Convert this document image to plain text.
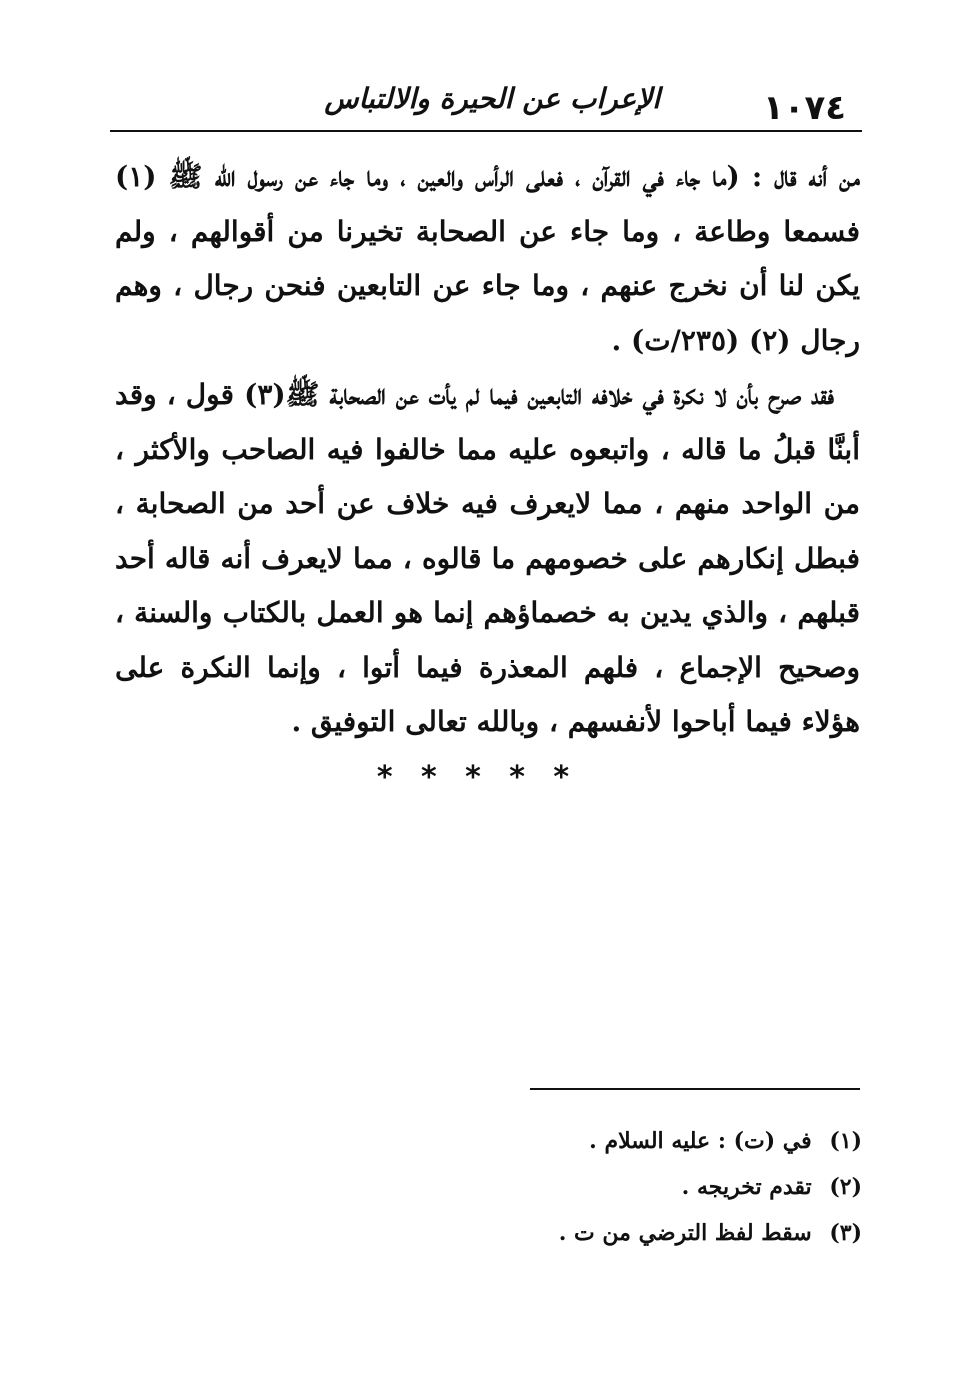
١٠٧٤
الإعراب عن الحيرة والالتباس

من أنه قال : (ما جاء في القرآن ، فعلى الرأس والعين ، وما جاء عن رسول الله ﷺ (١) فسمعا وطاعة ، وما جاء عن الصحابة تخيرنا من أقوالهم ، ولم يكن لنا أن نخرج عنهم ، وما جاء عن التابعين فنحن رجال ، وهم رجال (٢) (٢٣٥/ت) .

فقد صرح بأن لا نكرة في خلافه التابعين فيما لم يأت عن الصحابة ﷺ(٣) قول ، وقد أبنَّا قبلُ ما قاله ، واتبعوه عليه مما خالفوا فيه الصاحب والأكثر ، من الواحد منهم ، مما لايعرف فيه خلاف عن أحد من الصحابة ، فبطل إنكارهم على خصومهم ما قالوه ، مما لايعرف أنه قاله أحد قبلهم ، والذي يدين به خصماؤهم إنما هو العمل بالكتاب والسنة ، وصحيح الإجماع ، فلهم المعذرة فيما أتوا ، وإنما النكرة على هؤلاء فيما أباحوا لأنفسهم ، وبالله تعالى التوفيق .

* * * * *
(١) في (ت) : عليه السلام .
(٢) تقدم تخريجه .
(٣) سقط لفظ الترضي من ت .
